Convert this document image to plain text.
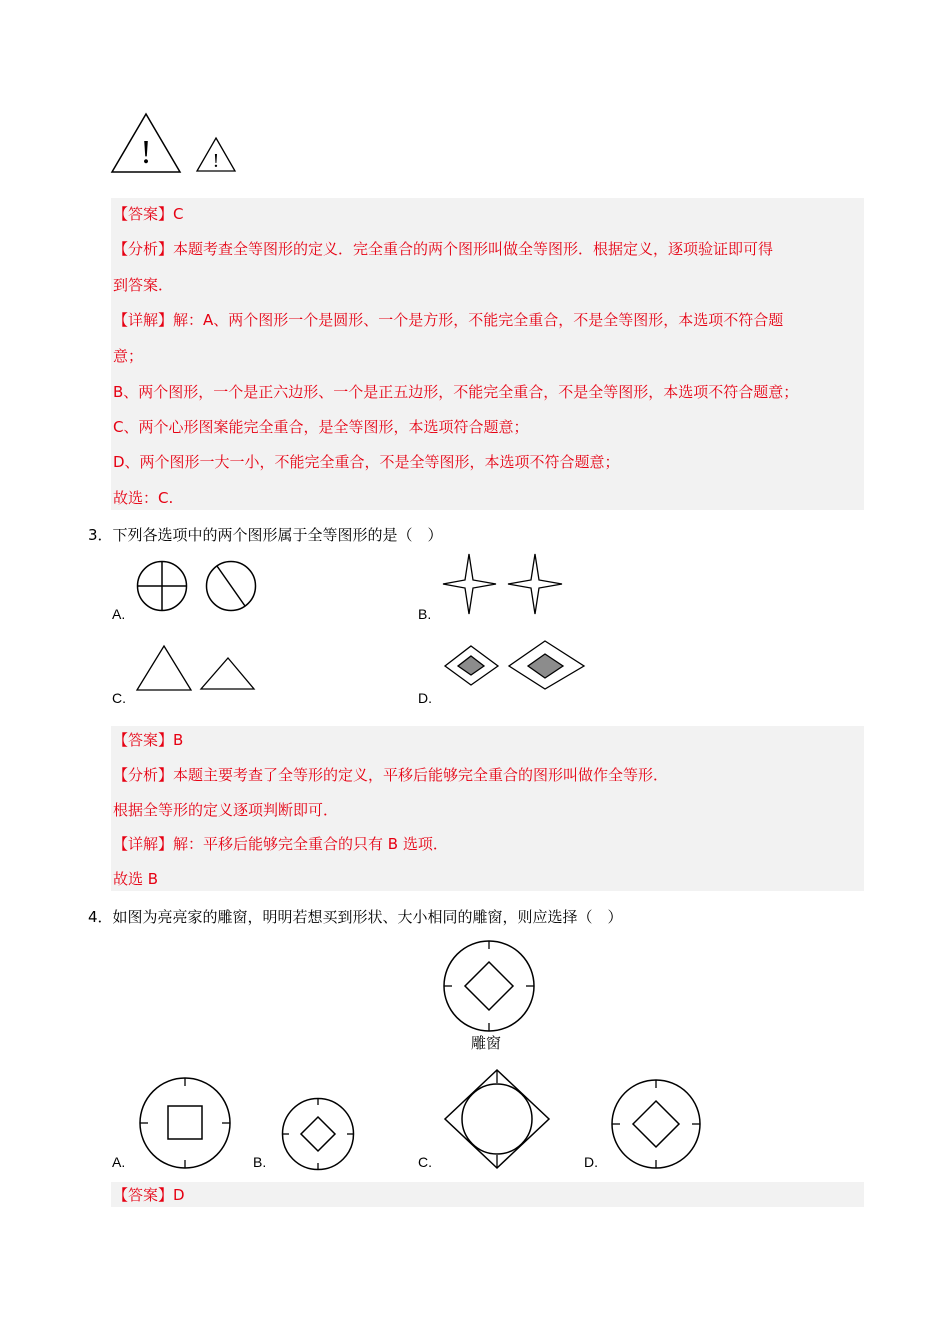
!	!
【答案】C
【分析】本题考查全等图形的定义．完全重合的两个图形叫做全等图形．根据定义，逐项验证即可得
到答案．
【详解】解：A、两个图形一个是圆形、一个是方形，不能完全重合，不是全等图形，本选项不符合题
意；
B、两个图形，一个是正六边形、一个是正五边形，不能完全重合，不是全等图形，本选项不符合题意；
C、两个心形图案能完全重合，是全等图形，本选项符合题意；
D、两个图形一大一小，不能完全重合，不是全等图形，本选项不符合题意；
故选：C.
3．下列各选项中的两个图形属于全等图形的是（　）
A.	B.
C.	D.
【答案】B
【分析】本题主要考查了全等形的定义，平移后能够完全重合的图形叫做作全等形．
根据全等形的定义逐项判断即可．
【详解】解：平移后能够完全重合的只有 B 选项．
故选 B
4．如图为亮亮家的雕窗，明明若想买到形状、大小相同的雕窗，则应选择（　）
雕窗
A.	B.	C.	D.
【答案】D
